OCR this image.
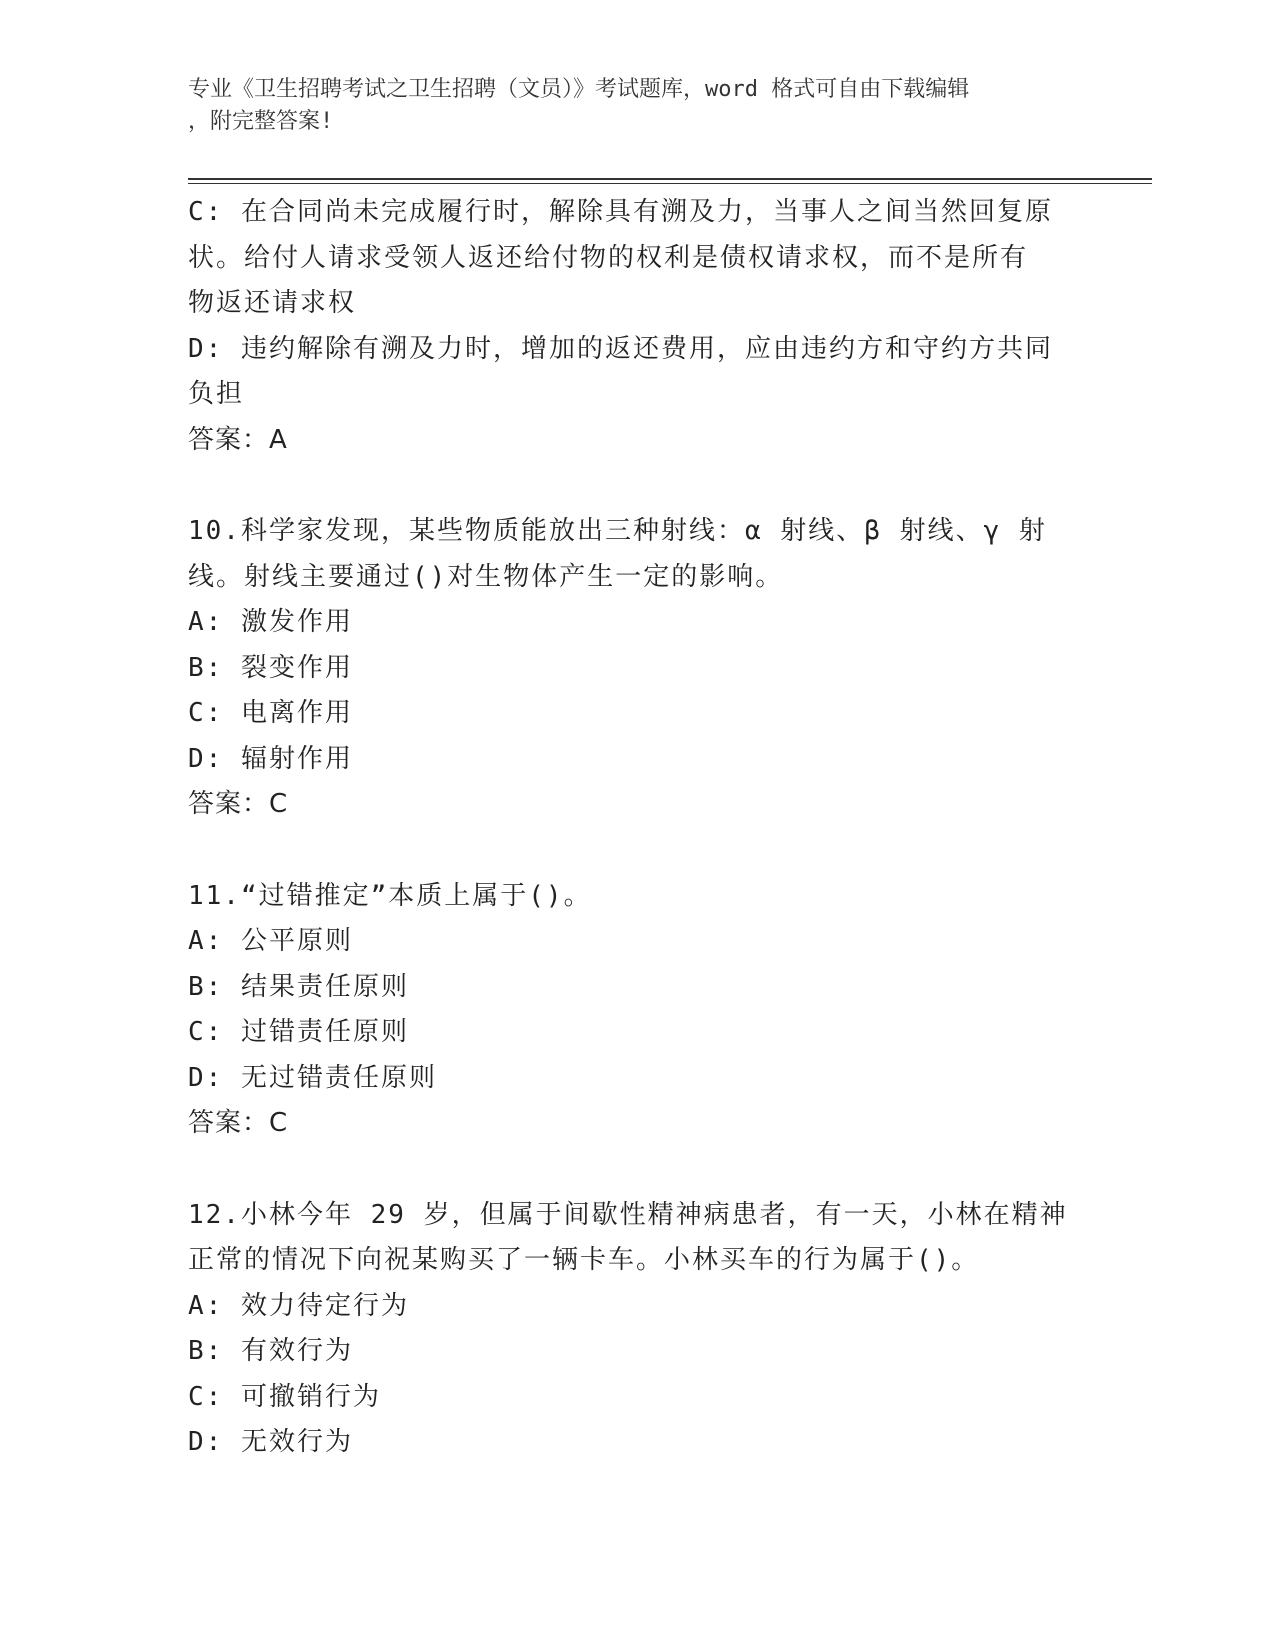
专业《卫生招聘考试之卫生招聘（文员）》考试题库，word 格式可自由下载编辑
，附完整答案!
C: 在合同尚未完成履行时，解除具有溯及力，当事人之间当然回复原
状。给付人请求受领人返还给付物的权利是债权请求权，而不是所有
物返还请求权
D: 违约解除有溯及力时，增加的返还费用，应由违约方和守约方共同
负担
答案：A
10.科学家发现，某些物质能放出三种射线：α 射线、β 射线、γ 射
线。射线主要通过()对生物体产生一定的影响。
A: 激发作用
B: 裂变作用
C: 电离作用
D: 辐射作用
答案：C
11.“过错推定”本质上属于()。
A: 公平原则
B: 结果责任原则
C: 过错责任原则
D: 无过错责任原则
答案：C
12.小林今年 29 岁，但属于间歇性精神病患者，有一天，小林在精神
正常的情况下向祝某购买了一辆卡车。小林买车的行为属于()。
A: 效力待定行为
B: 有效行为
C: 可撤销行为
D: 无效行为
